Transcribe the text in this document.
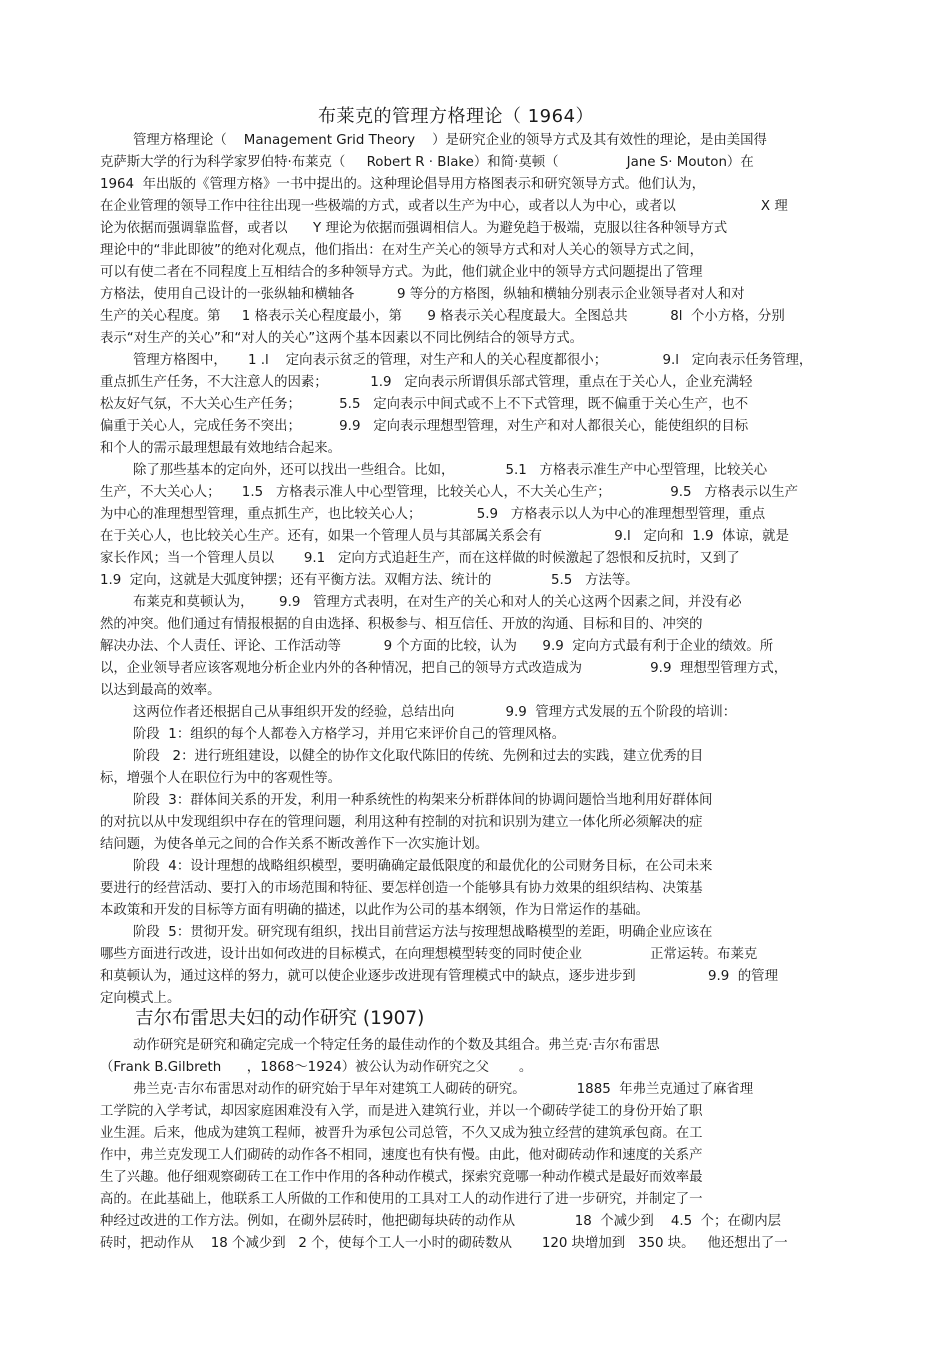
布莱克的管理方格理论（ 1964）
管理方格理论（    Management Grid Theory    ）是研究企业的领导方式及其有效性的理论，是由美国得
克萨斯大学的行为科学家罗伯特·布莱克（     Robert R · Blake）和简·莫顿（                Jane S· Mouton）在
1964  年出版的《管理方格》一书中提出的。这种理论倡导用方格图表示和研究领导方式。他们认为，
在企业管理的领导工作中往往出现一些极端的方式，或者以生产为中心，或者以人为中心，或者以                    X 理
论为依据而强调靠监督，或者以      Y 理论为依据而强调相信人。为避免趋于极端，克服以往各种领导方式
理论中的“非此即彼”的绝对化观点，他们指出：在对生产关心的领导方式和对人关心的领导方式之间，
可以有使二者在不同程度上互相结合的多种领导方式。为此，他们就企业中的领导方式问题提出了管理
方格法，使用自己设计的一张纵轴和横轴各          9 等分的方格图，纵轴和横轴分别表示企业领导者对人和对
生产的关心程度。第     1 格表示关心程度最小，第      9 格表示关心程度最大。全图总共          8l  个小方格，分别
表示“对生产的关心”和“对人的关心”这两个基本因素以不同比例结合的领导方式。
管理方格图中，     1 .l    定向表示贫乏的管理，对生产和人的关心程度都很小；             9.l   定向表示任务管理，
重点抓生产任务，不大注意人的因素；          1.9   定向表示所谓俱乐部式管理，重点在于关心人，企业充满轻
松友好气氛，不大关心生产任务；         5.5   定向表示中间式或不上不下式管理，既不偏重于关心生产，也不
偏重于关心人，完成任务不突出；         9.9   定向表示理想型管理，对生产和对人都很关心，能使组织的目标
和个人的需示最理想最有效地结合起来。
除了那些基本的定向外，还可以找出一些组合。比如，            5.1   方格表示准生产中心型管理，比较关心
生产，不大关心人；     1.5   方格表示准人中心型管理，比较关心人，不大关心生产；              9.5   方格表示以生产
为中心的准理想型管理，重点抓生产，也比较关心人；             5.9   方格表示以人为中心的准理想型管理，重点
在于关心人，也比较关心生产。还有，如果一个管理人员与其部属关系会有                 9.l   定向和  1.9  体谅，就是
家长作风；当一个管理人员以       9.1   定向方式追赶生产，而在这样做的时候激起了怨恨和反抗时，又到了
1.9  定向，这就是大弧度钟摆；还有平衡方法。双帽方法、统计的              5.5   方法等。
布莱克和莫顿认为，      9.9   管理方式表明，在对生产的关心和对人的关心这两个因素之间，并没有必
然的冲突。他们通过有情报根据的自由选择、积极参与、相互信任、开放的沟通、目标和目的、冲突的
解决办法、个人责任、评论、工作活动等          9 个方面的比较，认为      9.9  定向方式最有利于企业的绩效。所
以，企业领导者应该客观地分析企业内外的各种情况，把自己的领导方式改造成为                9.9  理想型管理方式，
以达到最高的效率。
这两位作者还根据自己从事组织开发的经验，总结出向            9.9  管理方式发展的五个阶段的培训：
阶段  1：组织的每个人都卷入方格学习，并用它来评价自己的管理风格。
阶段   2：进行班组建设，以健全的协作文化取代陈旧的传统、先例和过去的实践，建立优秀的目
标，增强个人在职位行为中的客观性等。
阶段  3：群体间关系的开发，利用一种系统性的构架来分析群体间的协调问题恰当地利用好群体间
的对抗以从中发现组织中存在的管理问题，利用这种有控制的对抗和识别为建立一体化所必须解决的症
结问题，为使各单元之间的合作关系不断改善作下一次实施计划。
阶段  4：设计理想的战略组织模型，要明确确定最低限度的和最优化的公司财务目标，在公司未来
要进行的经营活动、要打入的市场范围和特征、要怎样创造一个能够具有协力效果的组织结构、决策基
本政策和开发的目标等方面有明确的描述，以此作为公司的基本纲领，作为日常运作的基础。
阶段  5：贯彻开发。研究现有组织，找出目前营运方法与按理想战略模型的差距，明确企业应该在
哪些方面进行改进，设计出如何改进的目标模式，在向理想模型转变的同时使企业                正常运转。布莱克
和莫顿认为，通过这样的努力，就可以使企业逐步改进现有管理模式中的缺点，逐步进步到                 9.9  的管理
定向模式上。
吉尔布雷思夫妇的动作研究 (1907)
动作研究是研究和确定完成一个特定任务的最佳动作的个数及其组合。弗兰克·吉尔布雷思
（Frank B.Gilbreth      ，1868～1924）被公认为动作研究之父       。
弗兰克·吉尔布雷思对动作的研究始于早年对建筑工人砌砖的研究。            1885  年弗兰克通过了麻省理
工学院的入学考试，却因家庭困难没有入学，而是进入建筑行业，并以一个砌砖学徒工的身份开始了职
业生涯。后来，他成为建筑工程师，被晋升为承包公司总管，不久又成为独立经营的建筑承包商。在工
作中，弗兰克发现工人们砌砖的动作各不相同，速度也有快有慢。由此，他对砌砖动作和速度的关系产
生了兴趣。他仔细观察砌砖工在工作中作用的各种动作模式，探索究竟哪一种动作模式是最好而效率最
高的。在此基础上，他联系工人所做的工作和使用的工具对工人的动作进行了进一步研究，并制定了一
种经过改进的工作方法。例如，在砌外层砖时，他把砌每块砖的动作从              18  个减少到    4.5  个；在砌内层
砖时，把动作从    18 个减少到   2 个，使每个工人一小时的砌砖数从       120 块增加到   350 块。   他还想出了一
